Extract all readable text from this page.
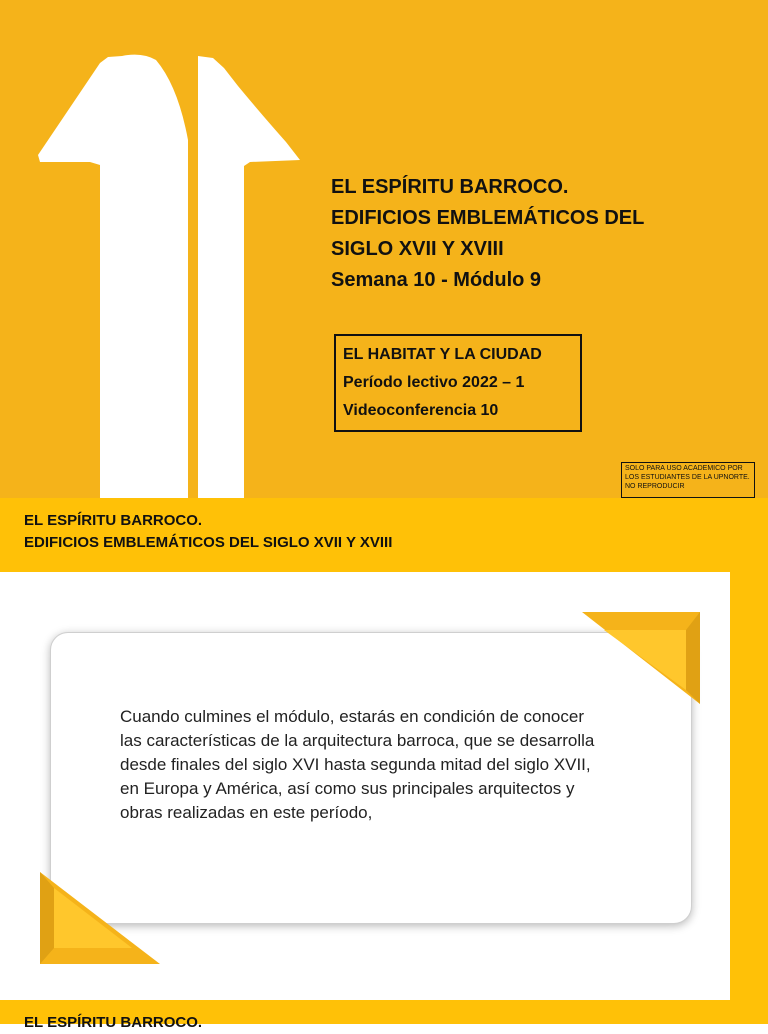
EL ESPÍRITU BARROCO.
EDIFICIOS EMBLEMÁTICOS DEL
SIGLO XVII Y XVIII
Semana 10 - Módulo 9
EL HABITAT Y LA CIUDAD
Período lectivo 2022 – 1
Videoconferencia 10
SOLO PARA USO ACADEMICO POR LOS ESTUDIANTES DE LA UPNORTE. NO REPRODUCIR
EL ESPÍRITU BARROCO.
EDIFICIOS EMBLEMÁTICOS DEL SIGLO XVII Y XVIII
Cuando culmines el módulo, estarás en condición de conocer las características de la arquitectura barroca, que se desarrolla desde finales del siglo XVI hasta segunda mitad del siglo XVII, en Europa y América, así como sus principales arquitectos y obras realizadas en este período,
EL ESPÍRITU BARROCO.
